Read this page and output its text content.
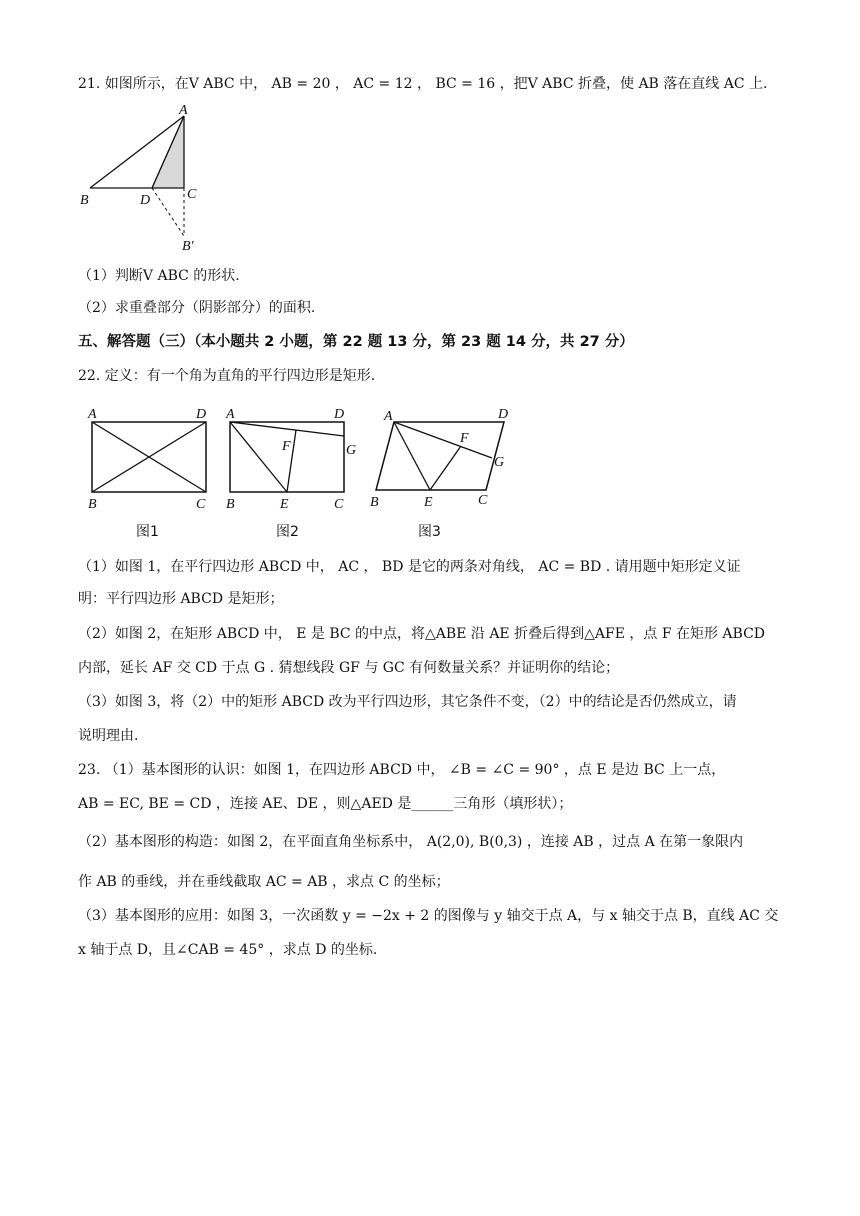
21. 如图所示，在V ABC 中， AB = 20 ， AC = 12 ， BC = 16 ，把V ABC 折叠，使 AB 落在直线 AC 上.
A
B	D	C
B′
（1）判断V ABC 的形状.
（2）求重叠部分（阴影部分）的面积.
五、解答题（三）（本小题共 2 小题，第 22 题 13 分，第 23 题 14 分，共 27 分）
22. 定义：有一个角为直角的平行四边形是矩形.
A	D
B	C
图1
A	D
F	G
B	E	C
图2
A	D
F
G
B	E	C
图3
（1）如图 1，在平行四边形 ABCD 中， AC ， BD 是它的两条对角线， AC = BD . 请用题中矩形定义证
明：平行四边形 ABCD 是矩形；
（2）如图 2，在矩形 ABCD 中， E 是 BC 的中点，将△ABE 沿 AE 折叠后得到△AFE ，点 F 在矩形 ABCD
内部，延长 AF 交 CD 于点 G . 猜想线段 GF 与 GC 有何数量关系？并证明你的结论；
（3）如图 3，将（2）中的矩形 ABCD 改为平行四边形，其它条件不变，（2）中的结论是否仍然成立，请
说明理由.
23. （1）基本图形的认识：如图 1，在四边形 ABCD 中， ∠B = ∠C = 90° ，点 E 是边 BC 上一点，
AB = EC, BE = CD ，连接 AE、DE ，则△AED 是______三角形（填形状）；
（2）基本图形的构造：如图 2，在平面直角坐标系中， A(2,0), B(0,3) ，连接 AB ，过点 A 在第一象限内
作 AB 的垂线，并在垂线截取 AC = AB ，求点 C 的坐标；
（3）基本图形的应用：如图 3，一次函数 y = −2x + 2 的图像与 y 轴交于点 A，与 x 轴交于点 B，直线 AC 交
x 轴于点 D，且∠CAB = 45° ，求点 D 的坐标.
